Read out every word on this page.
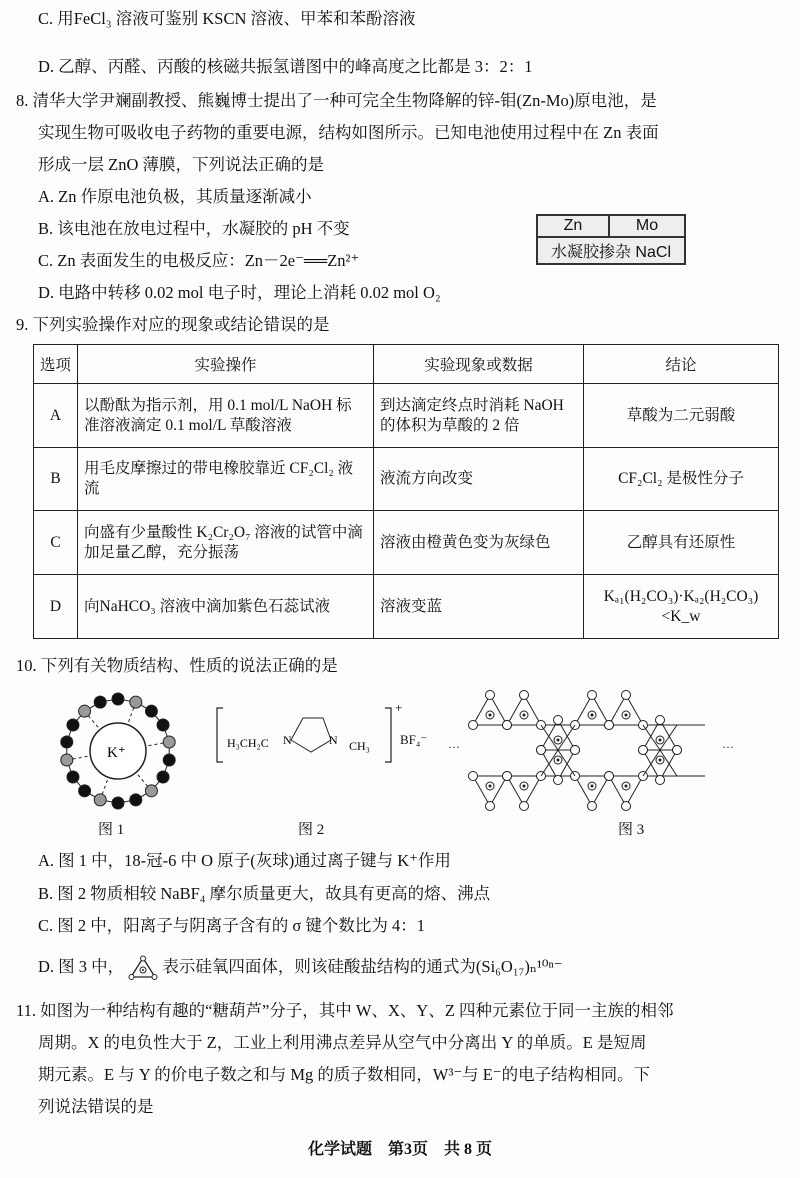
C. 用FeCl₃ 溶液可鉴别 KSCN 溶液、甲苯和苯酚溶液
D. 乙醇、丙醛、丙酸的核磁共振氢谱图中的峰高度之比都是 3：2：1
8. 清华大学尹斓副教授、熊巍博士提出了一种可完全生物降解的锌-钼(Zn-Mo)原电池，是
实现生物可吸收电子药物的重要电源，结构如图所示。已知电池使用过程中在 Zn 表面
形成一层 ZnO 薄膜，下列说法正确的是
A. Zn 作原电池负极，其质量逐渐减小
B. 该电池在放电过程中，水凝胶的 pH 不变
C. Zn 表面发生的电极反应：Zn－2e⁻══Zn²⁺
D. 电路中转移 0.02 mol 电子时，理论上消耗 0.02 mol O₂
Zn	Mo
水凝胶掺杂 NaCl
9. 下列实验操作对应的现象或结论错误的是
选项	实验操作	实验现象或数据	结论
A	以酚酞为指示剂，用 0.1 mol/L NaOH 标准溶液滴定 0.1 mol/L 草酸溶液	到达滴定终点时消耗 NaOH 的体积为草酸的 2 倍	草酸为二元弱酸
B	用毛皮摩擦过的带电橡胶靠近 CF₂Cl₂ 液流	液流方向改变	CF₂Cl₂ 是极性分子
C	向盛有少量酸性 K₂Cr₂O₇ 溶液的试管中滴加足量乙醇，充分振荡	溶液由橙黄色变为灰绿色	乙醇具有还原性
D	向NaHCO₃ 溶液中滴加紫色石蕊试液	溶液变蓝	Kₐ₁(H₂CO₃)·Kₐ₂(H₂CO₃)<K_w
10. 下列有关物质结构、性质的说法正确的是
K⁺
图 1
H₃CH₂C N	N CH₃
+
BF₄⁻
图 2
···	···
图 3
A. 图 1 中，18-冠-6 中 O 原子(灰球)通过离子键与 K⁺作用
B. 图 2 物质相较 NaBF₄ 摩尔质量更大，故具有更高的熔、沸点
C. 图 2 中，阳离子与阴离子含有的 σ 键个数比为 4：1
D. 图 3 中， 表示硅氧四面体，则该硅酸盐结构的通式为(Si₆O₁₇)ₙ¹⁰ⁿ⁻
11. 如图为一种结构有趣的“糖葫芦”分子，其中 W、X、Y、Z 四种元素位于同一主族的相邻
周期。X 的电负性大于 Z，工业上利用沸点差异从空气中分离出 Y 的单质。E 是短周
期元素。E 与 Y 的价电子数之和与 Mg 的质子数相同，W³⁻与 E⁻的电子结构相同。下
列说法错误的是
化学试题　第3页　共 8 页
